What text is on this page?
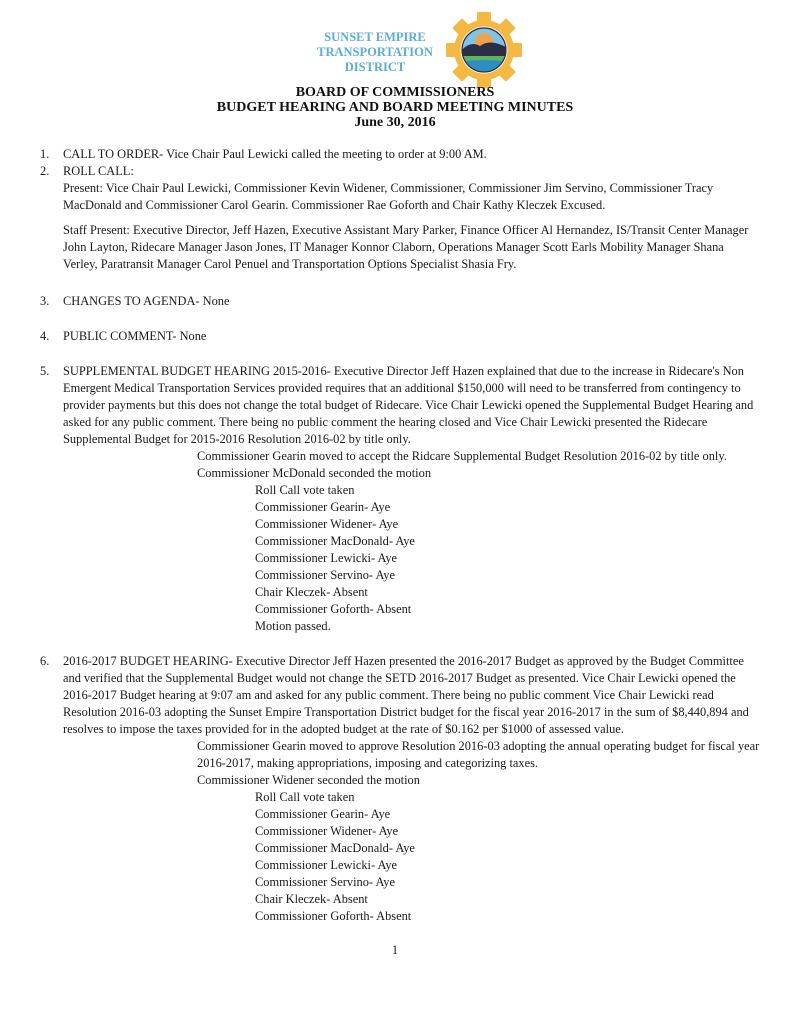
SUNSET EMPIRE
TRANSPORTATION
DISTRICT
BOARD OF COMMISSIONERS
BUDGET HEARING AND BOARD MEETING MINUTES
June 30, 2016
1.	CALL TO ORDER- Vice Chair Paul Lewicki called the meeting to order at 9:00 AM.

2.	ROLL CALL:

Present: Vice Chair Paul Lewicki, Commissioner Kevin Widener, Commissioner, Commissioner Jim Servino, Commissioner Tracy MacDonald and Commissioner Carol Gearin. Commissioner Rae Goforth and Chair Kathy Kleczek Excused.

Staff Present: Executive Director, Jeff Hazen, Executive Assistant Mary Parker, Finance Officer Al Hernandez, IS/Transit Center Manager John Layton, Ridecare Manager Jason Jones, IT Manager Konnor Claborn, Operations Manager Scott Earls Mobility Manager Shana Verley, Paratransit Manager Carol Penuel and Transportation Options Specialist Shasia Fry.

3.	CHANGES TO AGENDA- None

4.	PUBLIC COMMENT- None

5.	SUPPLEMENTAL BUDGET HEARING 2015-2016- Executive Director Jeff Hazen explained that due to the increase in Ridecare's Non Emergent Medical Transportation Services provided requires that an additional $150,000 will need to be transferred from contingency to provider payments but this does not change the total budget of Ridecare. Vice Chair Lewicki opened the Supplemental Budget Hearing and asked for any public comment. There being no public comment the hearing closed and Vice Chair Lewicki presented the Ridecare Supplemental Budget for 2015-2016 Resolution 2016-02 by title only.

Commissioner Gearin moved to accept the Ridcare Supplemental Budget Resolution 2016-02 by title only.

Commissioner McDonald seconded the motion

Roll Call vote taken

Commissioner Gearin- Aye

Commissioner Widener- Aye

Commissioner MacDonald- Aye

Commissioner Lewicki- Aye

Commissioner Servino- Aye

Chair Kleczek- Absent

Commissioner Goforth- Absent

Motion passed.

6.	2016-2017 BUDGET HEARING- Executive Director Jeff Hazen presented the 2016-2017 Budget as approved by the Budget Committee and verified that the Supplemental Budget would not change the SETD 2016-2017 Budget as presented. Vice Chair Lewicki opened the 2016-2017 Budget hearing at 9:07 am and asked for any public comment. There being no public comment Vice Chair Lewicki read Resolution 2016-03 adopting the Sunset Empire Transportation District budget for the fiscal year 2016-2017 in the sum of $8,440,894 and resolves to impose the taxes provided for in the adopted budget at the rate of $0.162 per $1000 of assessed value.

Commissioner Gearin moved to approve Resolution 2016-03 adopting the annual operating budget for fiscal year 2016-2017, making appropriations, imposing and categorizing taxes.

Commissioner Widener seconded the motion

Roll Call vote taken

Commissioner Gearin- Aye

Commissioner Widener- Aye

Commissioner MacDonald- Aye

Commissioner Lewicki- Aye

Commissioner Servino- Aye

Chair Kleczek- Absent

Commissioner Goforth- Absent

1
